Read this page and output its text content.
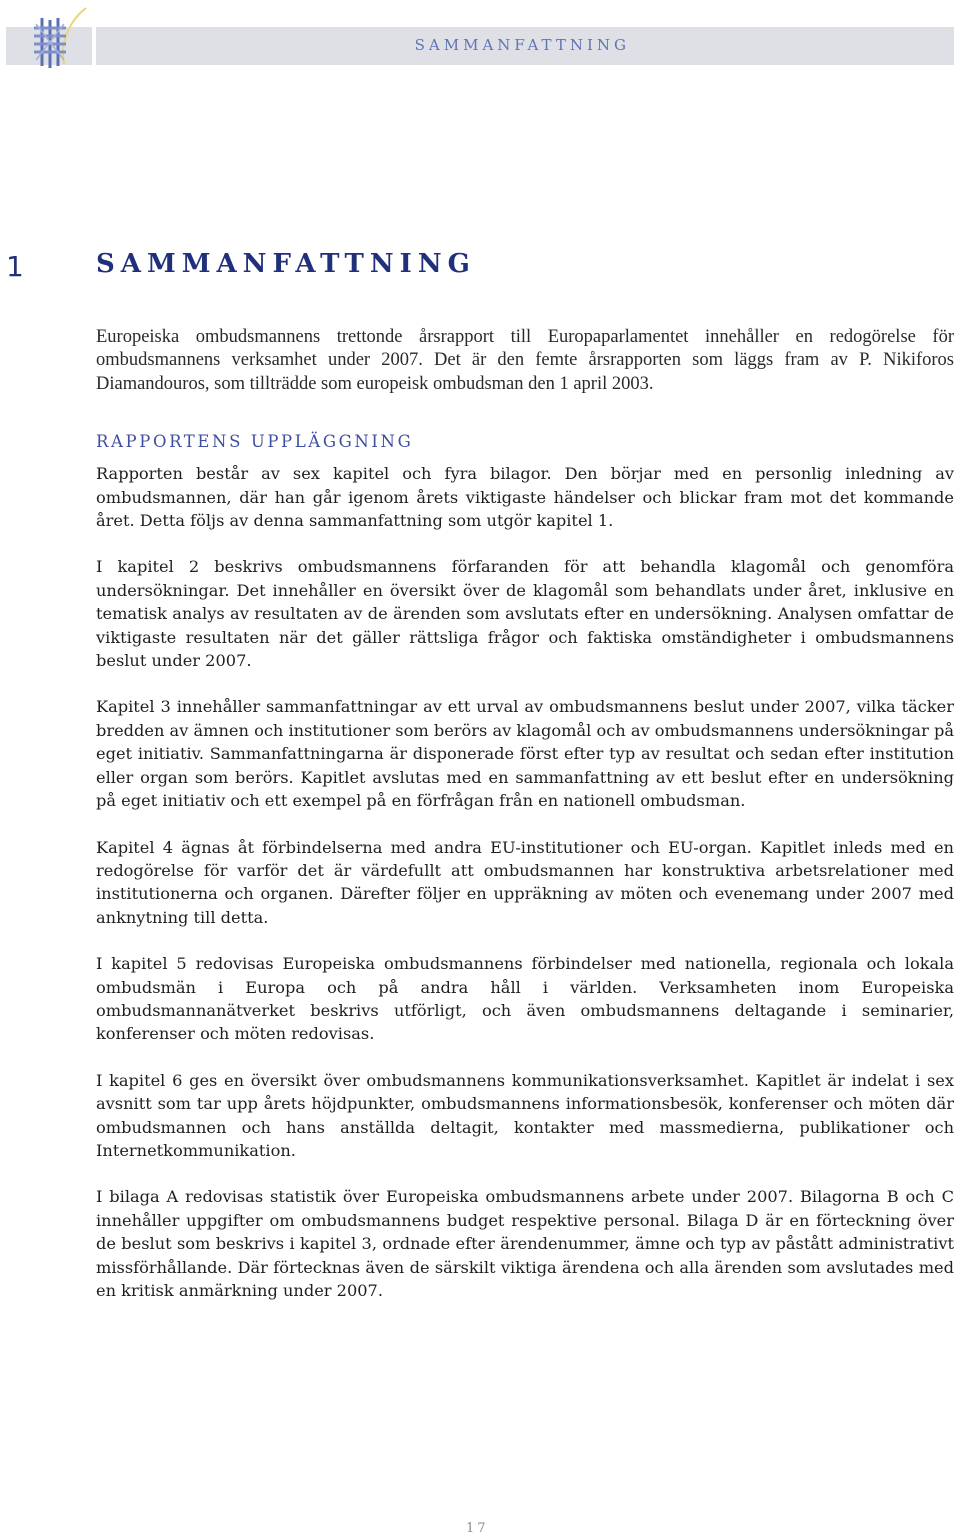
SAMMANFATTNING
1	SAMMANFATTNING

Europeiska ombudsmannens trettonde årsrapport till Europaparlamentet innehåller en redogörelse för ombudsmannens verksamhet under 2007. Det är den femte årsrapporten som läggs fram av P. Nikiforos Diamandouros, som tillträdde som europeisk ombudsman den 1 april 2003.

RAPPORTENS UPPLÄGGNING

Rapporten består av sex kapitel och fyra bilagor. Den börjar med en personlig inledning av ombudsmannen, där han går igenom årets viktigaste händelser och blickar fram mot det kommande året. Detta följs av denna sammanfattning som utgör kapitel 1.

I kapitel 2 beskrivs ombudsmannens förfaranden för att behandla klagomål och genomföra undersökningar. Det innehåller en översikt över de klagomål som behandlats under året, inklusive en tematisk analys av resultaten av de ärenden som avslutats efter en undersökning. Analysen omfattar de viktigaste resultaten när det gäller rättsliga frågor och faktiska omständigheter i ombudsmannens beslut under 2007.

Kapitel 3 innehåller sammanfattningar av ett urval av ombudsmannens beslut under 2007, vilka täcker bredden av ämnen och institutioner som berörs av klagomål och av ombudsmannens undersökningar på eget initiativ. Sammanfattningarna är disponerade först efter typ av resultat och sedan efter institution eller organ som berörs. Kapitlet avslutas med en sammanfattning av ett beslut efter en undersökning på eget initiativ och ett exempel på en förfrågan från en nationell ombudsman.

Kapitel 4 ägnas åt förbindelserna med andra EU-institutioner och EU-organ. Kapitlet inleds med en redogörelse för varför det är värdefullt att ombudsmannen har konstruktiva arbetsrelationer med institutionerna och organen. Därefter följer en uppräkning av möten och evenemang under 2007 med anknytning till detta.

I kapitel 5 redovisas Europeiska ombudsmannens förbindelser med nationella, regionala och lokala ombudsmän i Europa och på andra håll i världen. Verksamheten inom Europeiska ombudsmannanätverket beskrivs utförligt, och även ombudsmannens deltagande i seminarier, konferenser och möten redovisas.

I kapitel 6 ges en översikt över ombudsmannens kommunikationsverksamhet. Kapitlet är indelat i sex avsnitt som tar upp årets höjdpunkter, ombudsmannens informationsbesök, konferenser och möten där ombudsmannen och hans anställda deltagit, kontakter med massmedierna, publikationer och Internetkommunikation.

I bilaga A redovisas statistik över Europeiska ombudsmannens arbete under 2007. Bilagorna B och C innehåller uppgifter om ombudsmannens budget respektive personal. Bilaga D är en förteckning över de beslut som beskrivs i kapitel 3, ordnade efter ärendenummer, ämne och typ av påstått administrativt missförhållande. Där förtecknas även de särskilt viktiga ärendena och alla ärenden som avslutades med en kritisk anmärkning under 2007.

17
